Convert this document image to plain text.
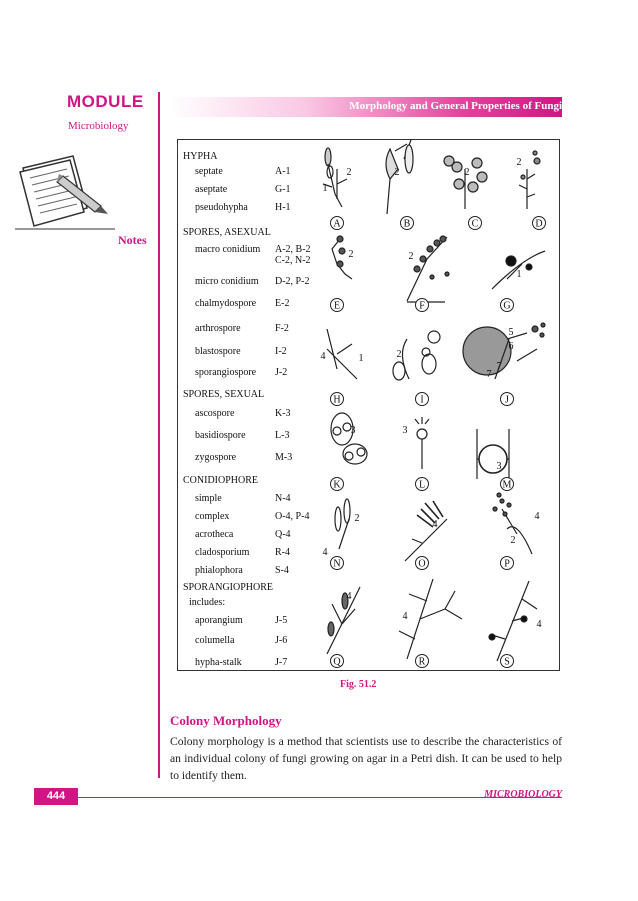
MODULE
Microbiology
Morphology and General Properties of Fungi
Notes
HYPHA
septate	A-1
aseptate	G-1
pseudohypha	H-1
SPORES, ASEXUAL
macro conidium A-2, B-2
C-2, N-2
micro conidium D-2, P-2
chalmydospore E-2
arthrospore	F-2
blastospore	I-2
sporangiospore J-2
SPORES, SEXUAL
ascospore	K-3
basidiospore	L-3
zygospore	M-3
CONIDIOPHORE
simple	N-4
complex	O-4, P-4
acrotheca	Q-4
cladosporium	R-4
phialophora	S-4
SPORANGIOPHORE
includes:
aporangium	J-5
columella	J-6
hypha-stalk	J-7
A	B	C	D
E	F	G
H	I	J
K	L	M
N	O	P
Q	R	S
1
2	2	2
2
2	2
1
1
4	2
5
6
7
7
3	3
3
2
4
4
4
2
4
4
4
Fig. 51.2
Colony Morphology
Colony morphology is a method that scientists use to describe the characteristics of an individual colony of fungi growing on agar in a Petri dish. It can be used to help to identify them.
444	MICROBIOLOGY
